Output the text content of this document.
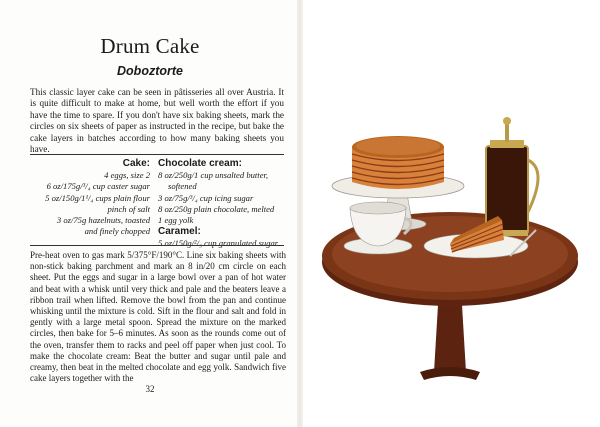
Drum Cake
Doboztorte
This classic layer cake can be seen in pâtisseries all over Austria. It is quite difficult to make at home, but well worth the effort if you have the time to spare. If you don't have six baking sheets, mark the circles on six sheets of paper as instructed in the recipe, but bake the cake layers in batches according to how many baking sheets you have.
Cake:
4 eggs, size 2
6 oz/175g/³/₄ cup caster sugar
5 oz/150g/1¹/₄ cups plain flour
pinch of salt
3 oz/75g hazelnuts, toasted
and finely chopped
Chocolate cream:
8 oz/250g/1 cup unsalted butter,
softened
3 oz/75g/³/₄ cup icing sugar
8 oz/250g plain chocolate, melted
1 egg yolk
Caramel:
5 oz/150g/²/₃ cup granulated sugar
Pre-heat oven to gas mark 5/375°F/190°C. Line six baking sheets with non-stick baking parchment and mark an 8 in/20 cm circle on each sheet. Put the eggs and sugar in a large bowl over a pan of hot water and beat with a whisk until very thick and pale and the beaters leave a ribbon trail when lifted. Remove the bowl from the pan and continue whisking until the mixture is cold. Sift in the flour and salt and fold in gently with a large metal spoon. Spread the mixture on the marked circles, then bake for 5–6 minutes. As soon as the rounds come out of the oven, transfer them to racks and peel off paper when just cool. To make the chocolate cream: Beat the butter and sugar until pale and creamy, then beat in the melted chocolate and egg yolk. Sandwich five cake layers together with the
32
